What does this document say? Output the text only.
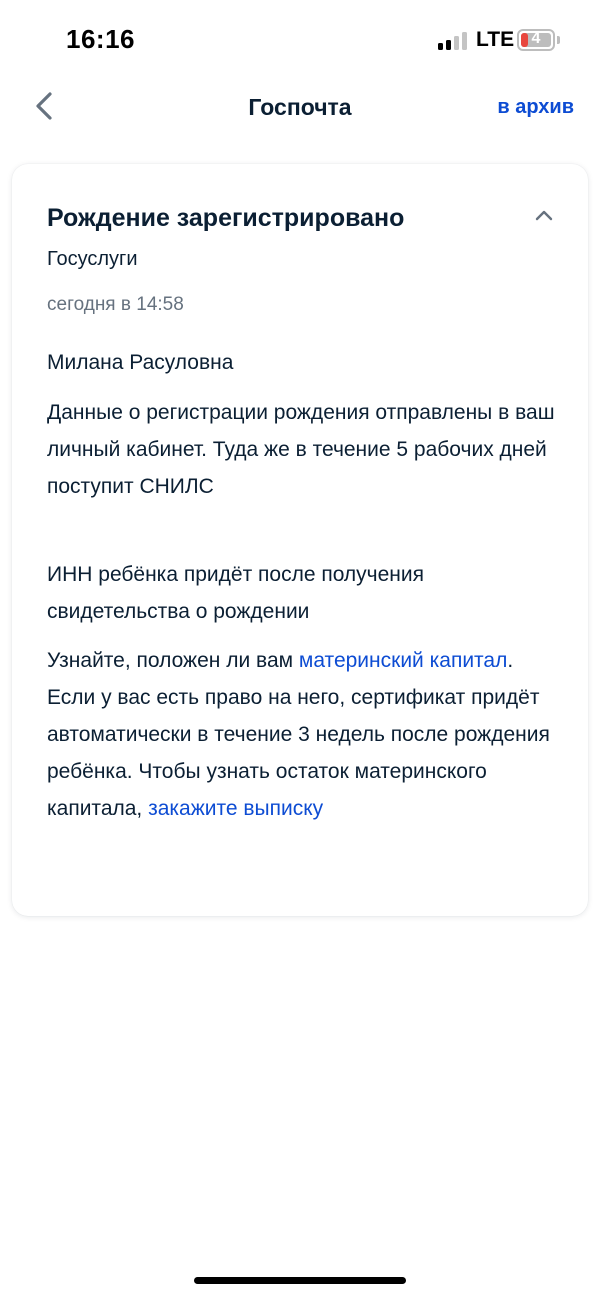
16:16	LTE	4
Госпочта	в архив
Рождение зарегистрировано
Госуслуги
сегодня в 14:58
Милана Расуловна
Данные о регистрации рождения отправлены в ваш личный кабинет. Туда же в течение 5 рабочих дней поступит СНИЛС
ИНН ребёнка придёт после получения свидетельства о рождении
Узнайте, положен ли вам материнский капитал. Если у вас есть право на него, сертификат придёт автоматически в течение 3 недель после рождения ребёнка. Чтобы узнать остаток материнского капитала, закажите выписку
